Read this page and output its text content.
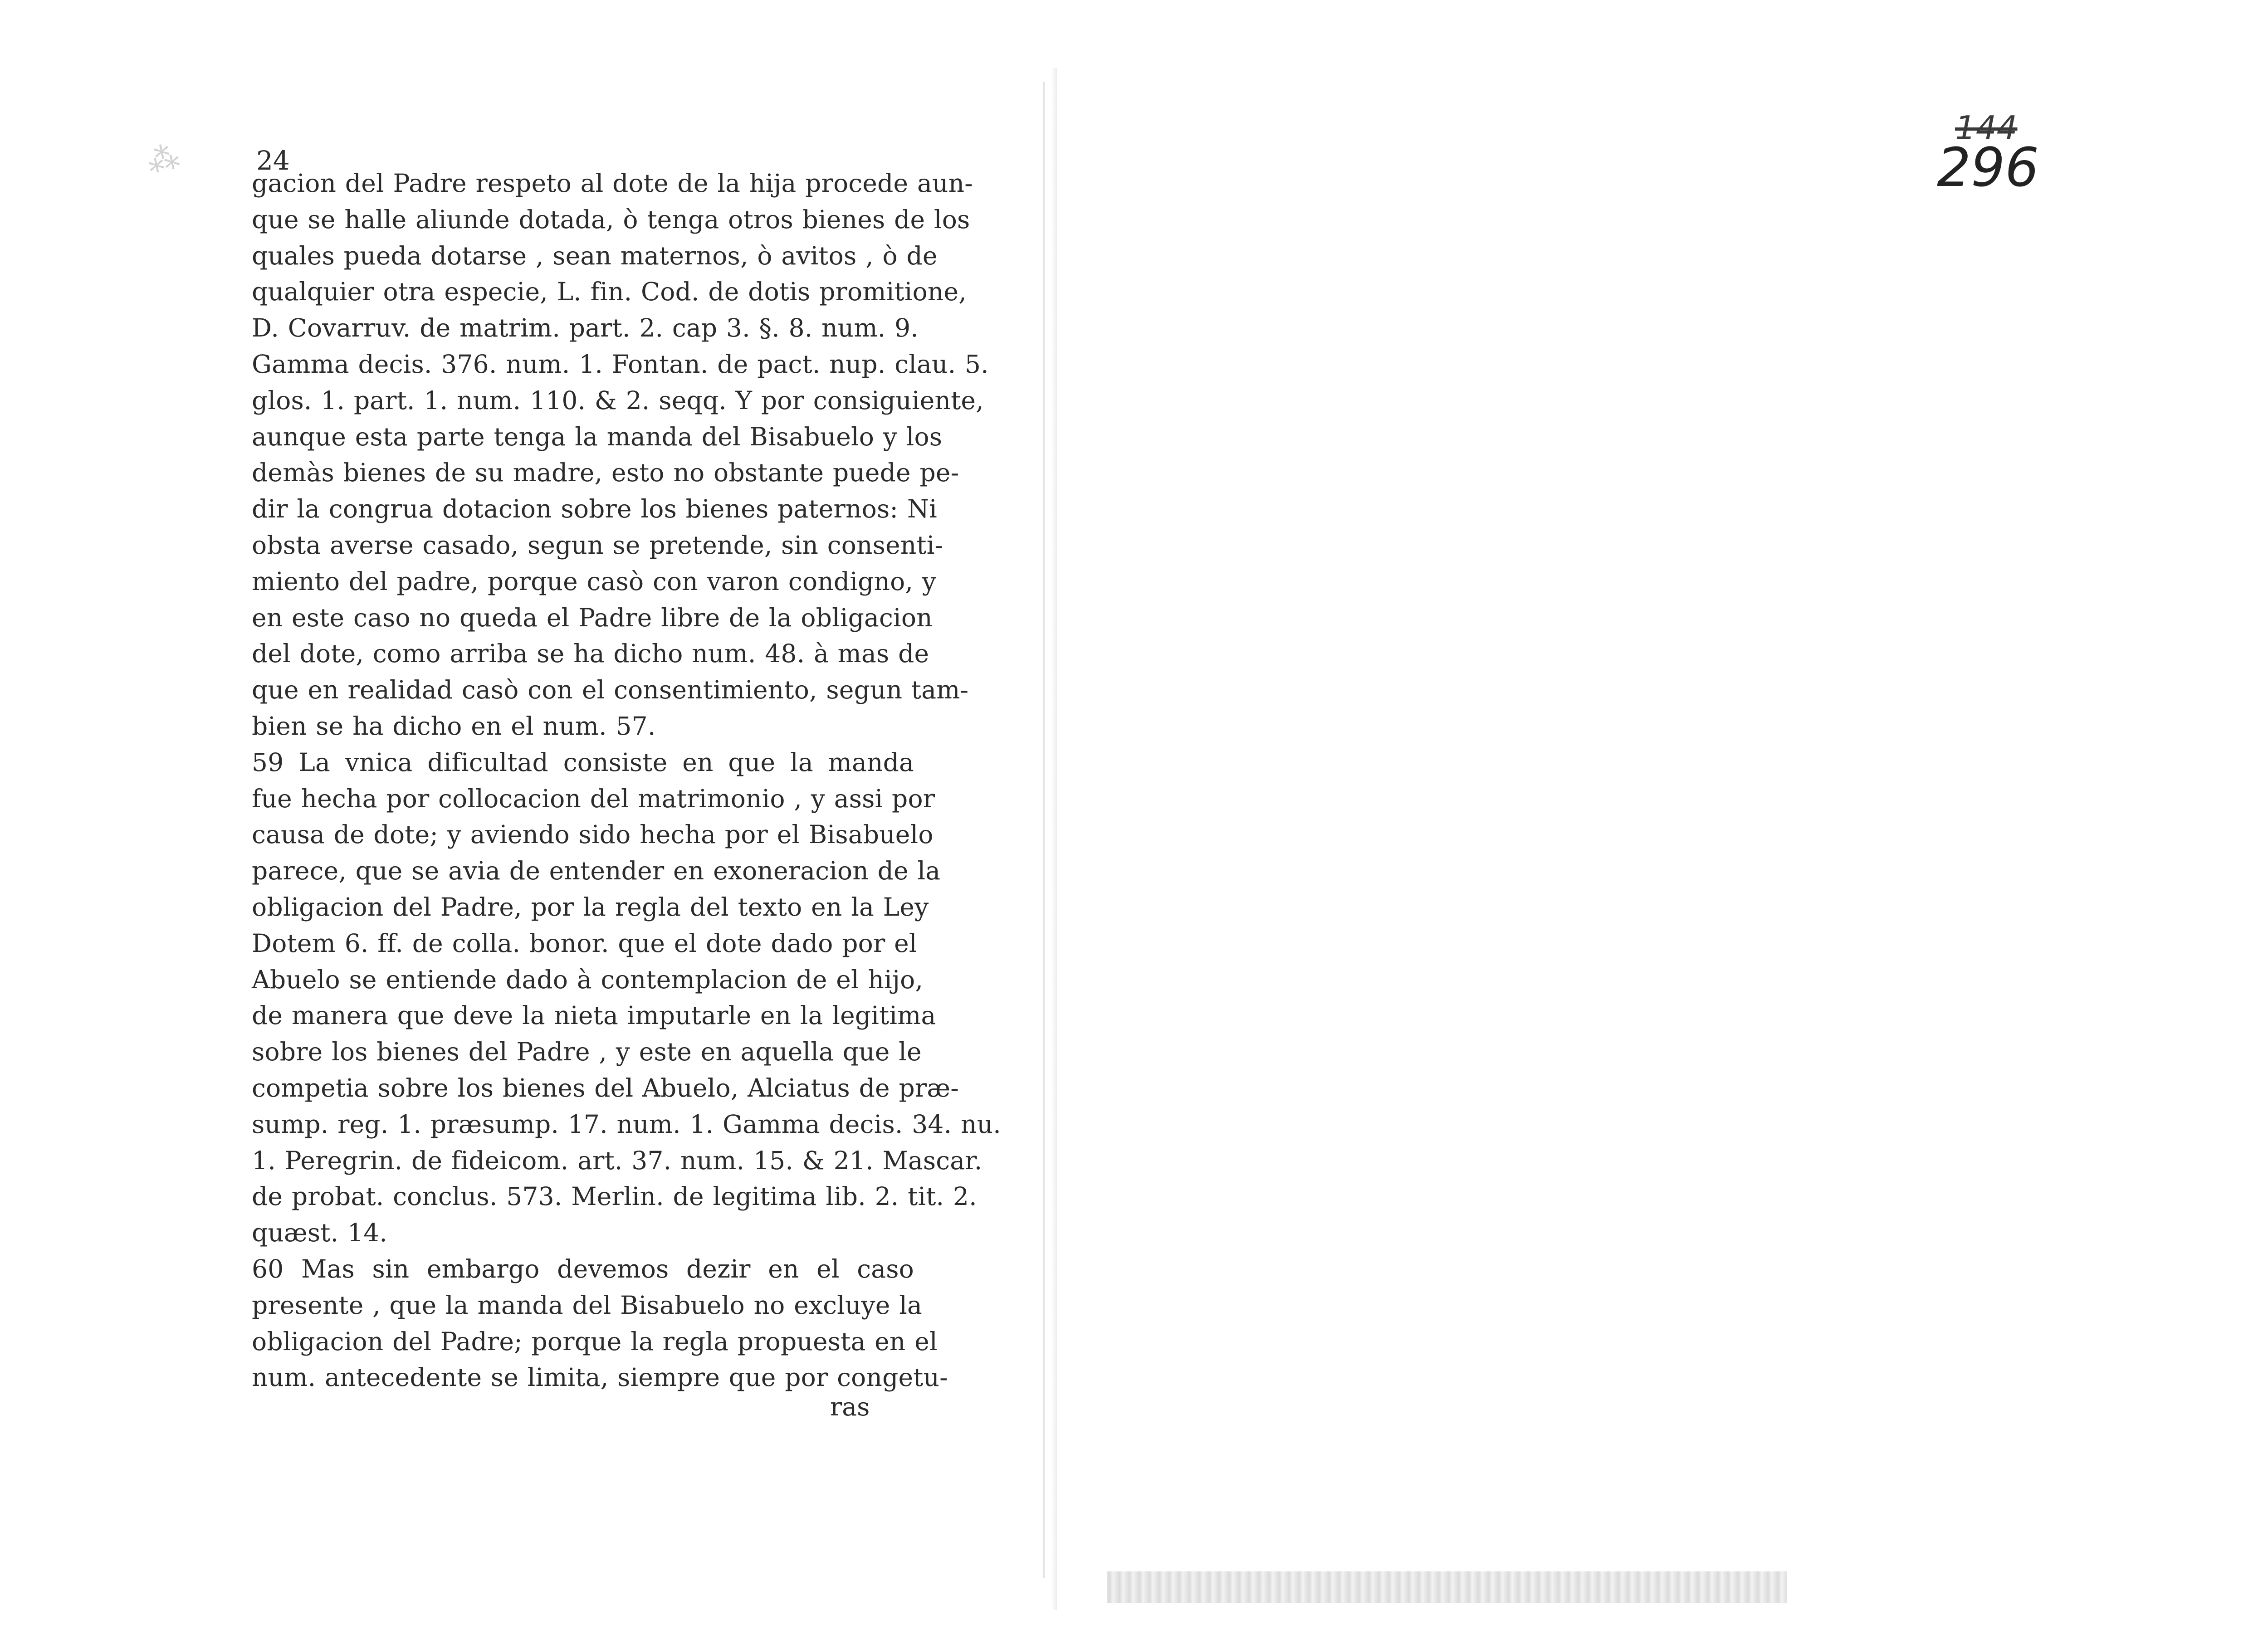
⁂	24
gacion del Padre respeto al dote de la hija procede aun-
que se halle aliunde dotada, ò tenga otros bienes de los
quales pueda dotarse , sean maternos, ò avitos , ò de
qualquier otra especie, L. fin. Cod. de dotis promitione,
D. Covarruv. de matrim. part. 2. cap 3. §. 8. num. 9.
Gamma decis. 376. num. 1. Fontan. de pact. nup. clau. 5.
glos. 1. part. 1. num. 110. & 2. seqq. Y por consiguiente,
aunque esta parte tenga la manda del Bisabuelo y los
demàs bienes de su madre, esto no obstante puede pe-
dir la congrua dotacion sobre los bienes paternos: Ni
obsta averse casado, segun se pretende, sin consenti-
miento del padre, porque casò con varon condigno, y
en este caso no queda el Padre libre de la obligacion
del dote, como arriba se ha dicho num. 48. à mas de
que en realidad casò con el consentimiento, segun tam-
bien se ha dicho en el num. 57.
59 La vnica dificultad consiste en que la manda
fue hecha por collocacion del matrimonio , y assi por
causa de dote; y aviendo sido hecha por el Bisabuelo
parece, que se avia de entender en exoneracion de la
obligacion del Padre, por la regla del texto en la Ley
Dotem 6. ff. de colla. bonor. que el dote dado por el
Abuelo se entiende dado à contemplacion de el hijo,
de manera que deve la nieta imputarle en la legitima
sobre los bienes del Padre , y este en aquella que le
competia sobre los bienes del Abuelo, Alciatus de præ-
sump. reg. 1. præsump. 17. num. 1. Gamma decis. 34. nu.
1. Peregrin. de fideicom. art. 37. num. 15. & 21. Mascar.
de probat. conclus. 573. Merlin. de legitima lib. 2. tit. 2.
quæst. 14.
60 Mas sin embargo devemos dezir en el caso
presente , que la manda del Bisabuelo no excluye la
obligacion del Padre; porque la regla propuesta en el
num. antecedente se limita, siempre que por congetu-
ras
144
296
